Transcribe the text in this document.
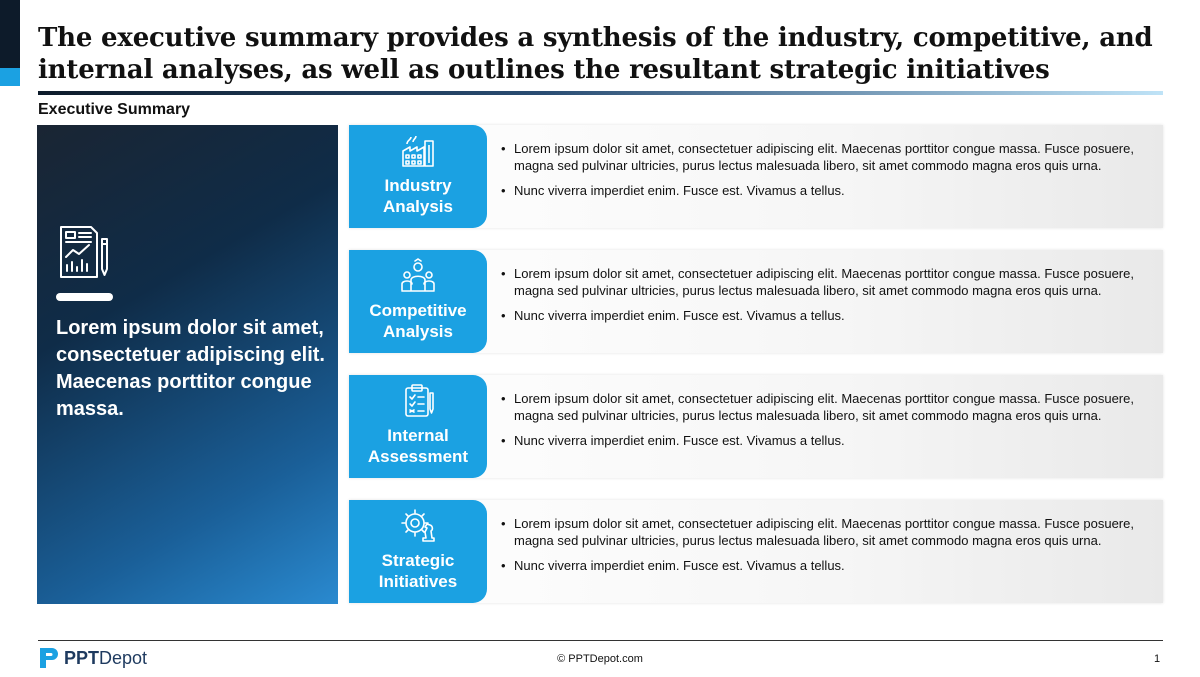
The executive summary provides a synthesis of the industry, competitive, and internal analyses, as well as outlines the resultant strategic initiatives
Executive Summary

Lorem ipsum dolor sit amet, consectetuer adipiscing elit. Maecenas porttitor congue massa.

Industry Analysis
• Lorem ipsum dolor sit amet, consectetuer adipiscing elit. Maecenas porttitor congue massa. Fusce posuere, magna sed pulvinar ultricies, purus lectus malesuada libero, sit amet commodo magna eros quis urna.
• Nunc viverra imperdiet enim. Fusce est. Vivamus a tellus.
Competitive Analysis
• Lorem ipsum dolor sit amet, consectetuer adipiscing elit. Maecenas porttitor congue massa. Fusce posuere, magna sed pulvinar ultricies, purus lectus malesuada libero, sit amet commodo magna eros quis urna.
• Nunc viverra imperdiet enim. Fusce est. Vivamus a tellus.
Internal Assessment
• Lorem ipsum dolor sit amet, consectetuer adipiscing elit. Maecenas porttitor congue massa. Fusce posuere, magna sed pulvinar ultricies, purus lectus malesuada libero, sit amet commodo magna eros quis urna.
• Nunc viverra imperdiet enim. Fusce est. Vivamus a tellus.
Strategic Initiatives
• Lorem ipsum dolor sit amet, consectetuer adipiscing elit. Maecenas porttitor congue massa. Fusce posuere, magna sed pulvinar ultricies, purus lectus malesuada libero, sit amet commodo magna eros quis urna.
• Nunc viverra imperdiet enim. Fusce est. Vivamus a tellus.
PPTDepot	© PPTDepot.com	1
